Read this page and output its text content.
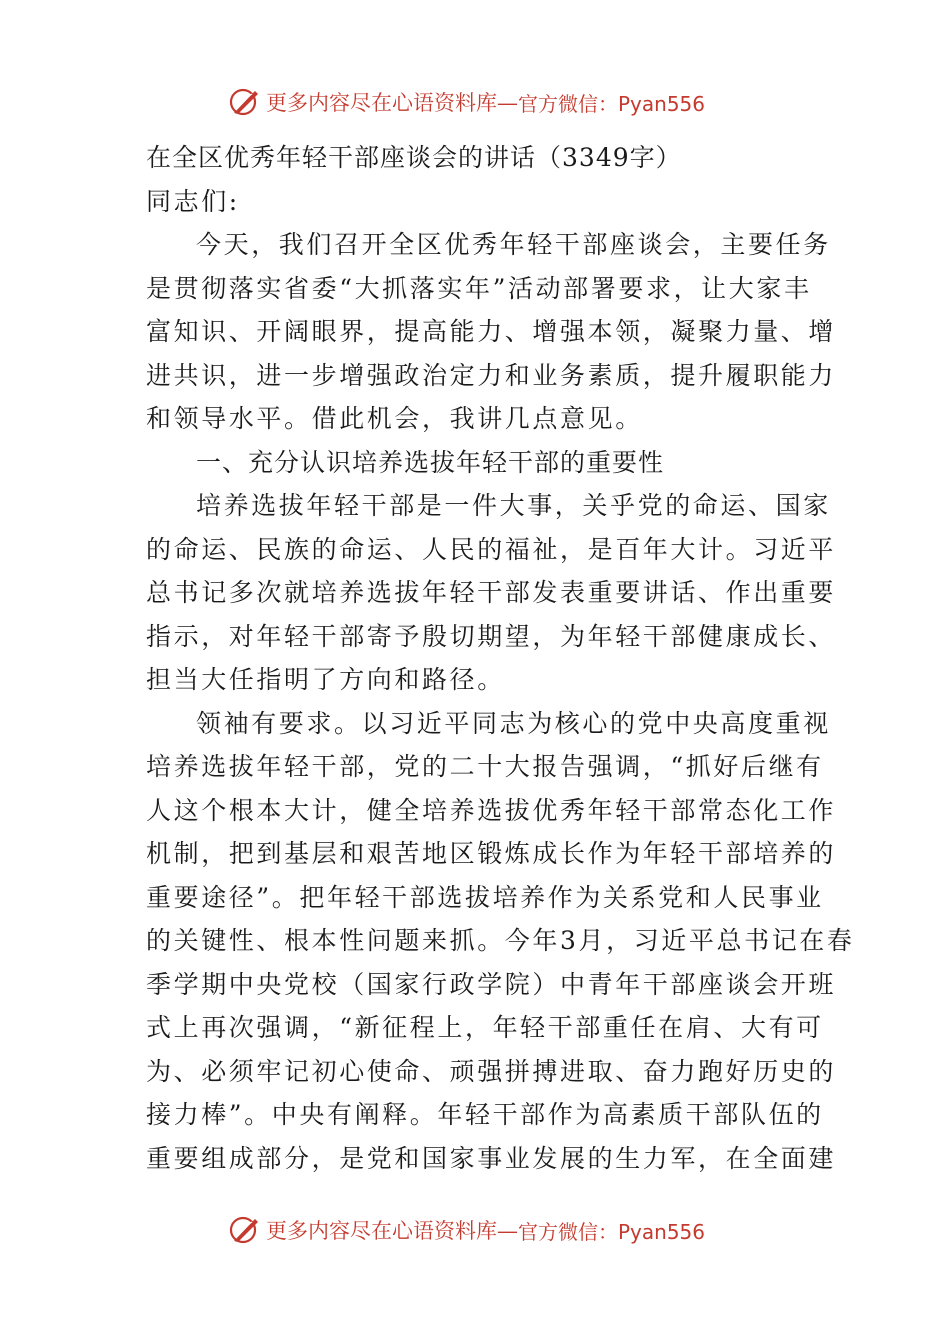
更多内容尽在心语资料库— 官方微信：Pyan556
在全区优秀年轻干部座谈会的讲话（3349字）
同志们:
今天，我们召开全区优秀年轻干部座谈会，主要任务
是贯彻落实省委“大抓落实年”活动部署要求，让大家丰
富知识、开阔眼界，提高能力、增强本领，凝聚力量、增
进共识，进一步增强政治定力和业务素质，提升履职能力
和领导水平。借此机会，我讲几点意见。
一、充分认识培养选拔年轻干部的重要性
培养选拔年轻干部是一件大事，关乎党的命运、国家
的命运、民族的命运、人民的福祉，是百年大计。习近平
总书记多次就培养选拔年轻干部发表重要讲话、作出重要
指示，对年轻干部寄予殷切期望，为年轻干部健康成长、
担当大任指明了方向和路径。
领袖有要求。以习近平同志为核心的党中央高度重视
培养选拔年轻干部，党的二十大报告强调，“抓好后继有
人这个根本大计，健全培养选拔优秀年轻干部常态化工作
机制，把到基层和艰苦地区锻炼成长作为年轻干部培养的
重要途径”。把年轻干部选拔培养作为关系党和人民事业
的关键性、根本性问题来抓。今年3月，习近平总书记在春
季学期中央党校（国家行政学院）中青年干部座谈会开班
式上再次强调，“新征程上，年轻干部重任在肩、大有可
为、必须牢记初心使命、顽强拼搏进取、奋力跑好历史的
接力棒”。中央有阐释。年轻干部作为高素质干部队伍的
重要组成部分，是党和国家事业发展的生力军，在全面建
更多内容尽在心语资料库— 官方微信：Pyan556
